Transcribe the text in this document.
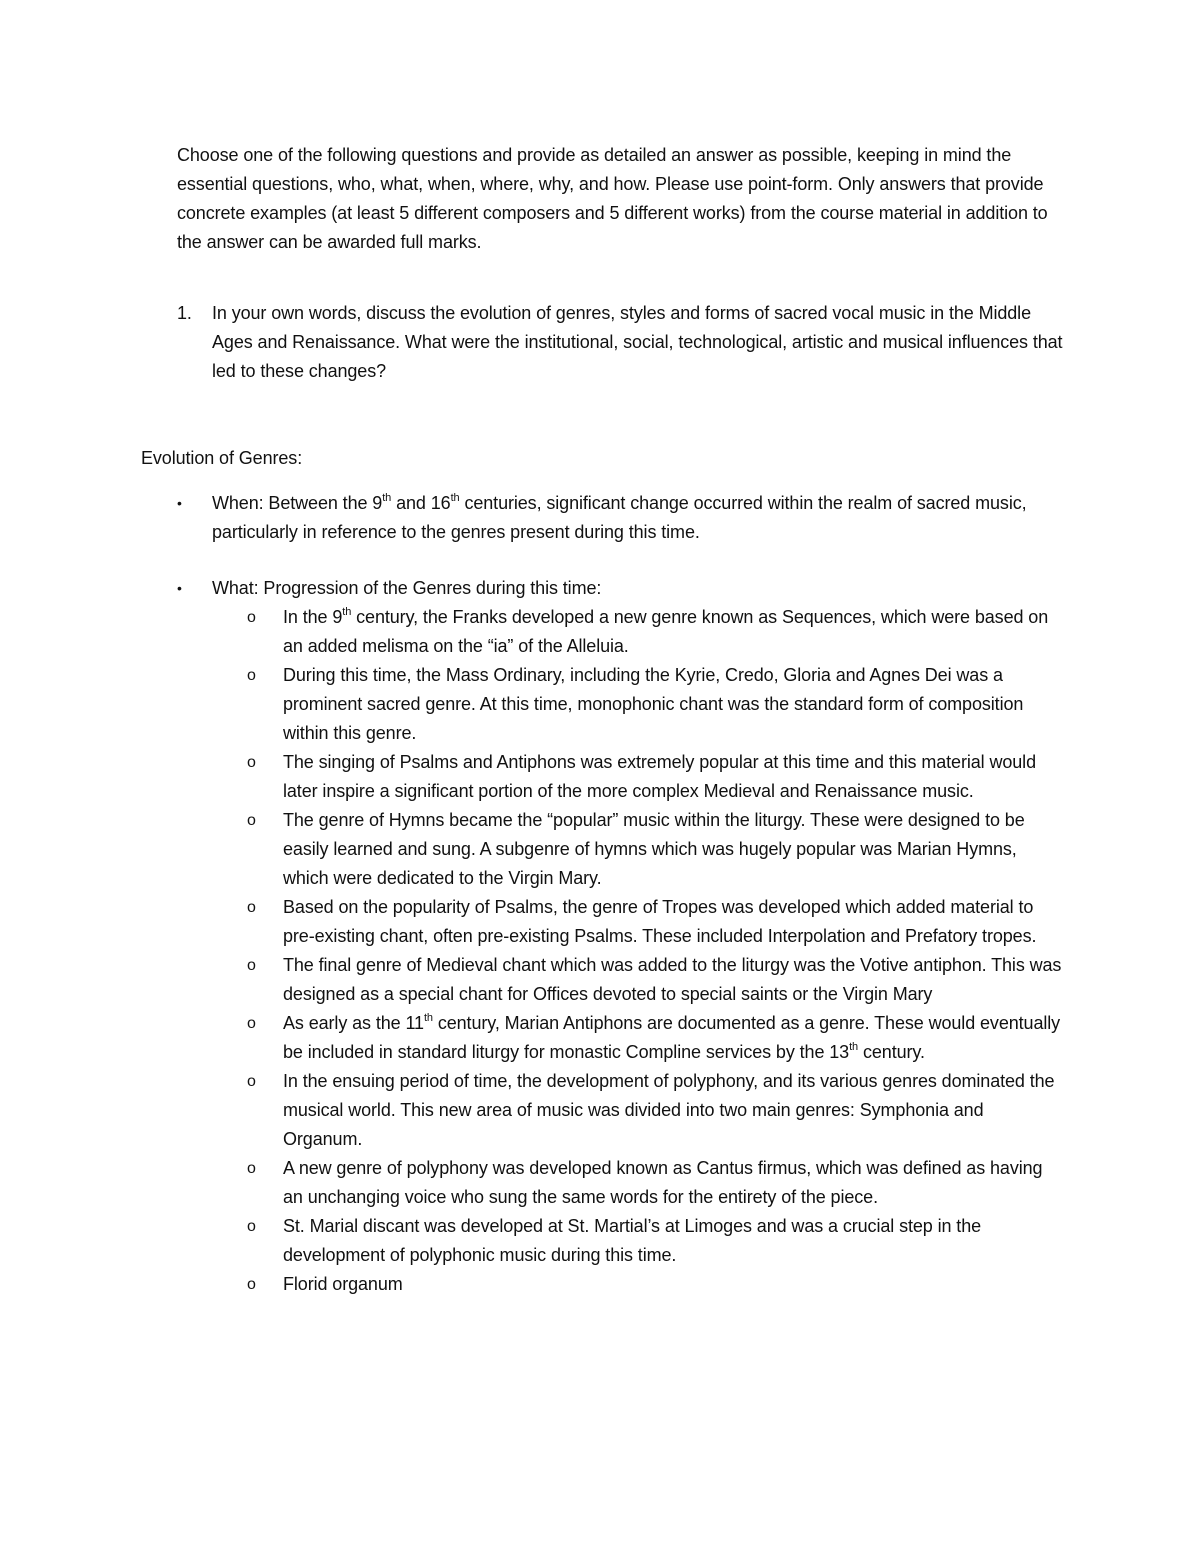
Choose one of the following questions and provide as detailed an answer as possible, keeping in mind the essential questions, who, what, when, where, why, and how. Please use point-form. Only answers that provide concrete examples (at least 5 different composers and 5 different works) from the course material in addition to the answer can be awarded full marks.
1.	In your own words, discuss the evolution of genres, styles and forms of sacred vocal music in the Middle Ages and Renaissance. What were the institutional, social, technological, artistic and musical influences that led to these changes?
Evolution of Genres:
•	When: Between the 9th and 16th centuries, significant change occurred within the realm of sacred music, particularly in reference to the genres present during this time.
•	What: Progression of the Genres during this time:
o	In the 9th century, the Franks developed a new genre known as Sequences, which were based on an added melisma on the “ia” of the Alleluia.
o	During this time, the Mass Ordinary, including the Kyrie, Credo, Gloria and Agnes Dei was a prominent sacred genre. At this time, monophonic chant was the standard form of composition within this genre.
o	The singing of Psalms and Antiphons was extremely popular at this time and this material would later inspire a significant portion of the more complex Medieval and Renaissance music.
o	The genre of Hymns became the “popular” music within the liturgy. These were designed to be easily learned and sung. A subgenre of hymns which was hugely popular was Marian Hymns, which were dedicated to the Virgin Mary.
o	Based on the popularity of Psalms, the genre of Tropes was developed which added material to pre-existing chant, often pre-existing Psalms. These included Interpolation and Prefatory tropes.
o	The final genre of Medieval chant which was added to the liturgy was the Votive antiphon. This was designed as a special chant for Offices devoted to special saints or the Virgin Mary
o	As early as the 11th century, Marian Antiphons are documented as a genre. These would eventually be included in standard liturgy for monastic Compline services by the 13th century.
o	In the ensuing period of time, the development of polyphony, and its various genres dominated the musical world. This new area of music was divided into two main genres: Symphonia and Organum.
o	A new genre of polyphony was developed known as Cantus firmus, which was defined as having an unchanging voice who sung the same words for the entirety of the piece.
o	St. Marial discant was developed at St. Martial’s at Limoges and was a crucial step in the development of polyphonic music during this time.
o	Florid organum
